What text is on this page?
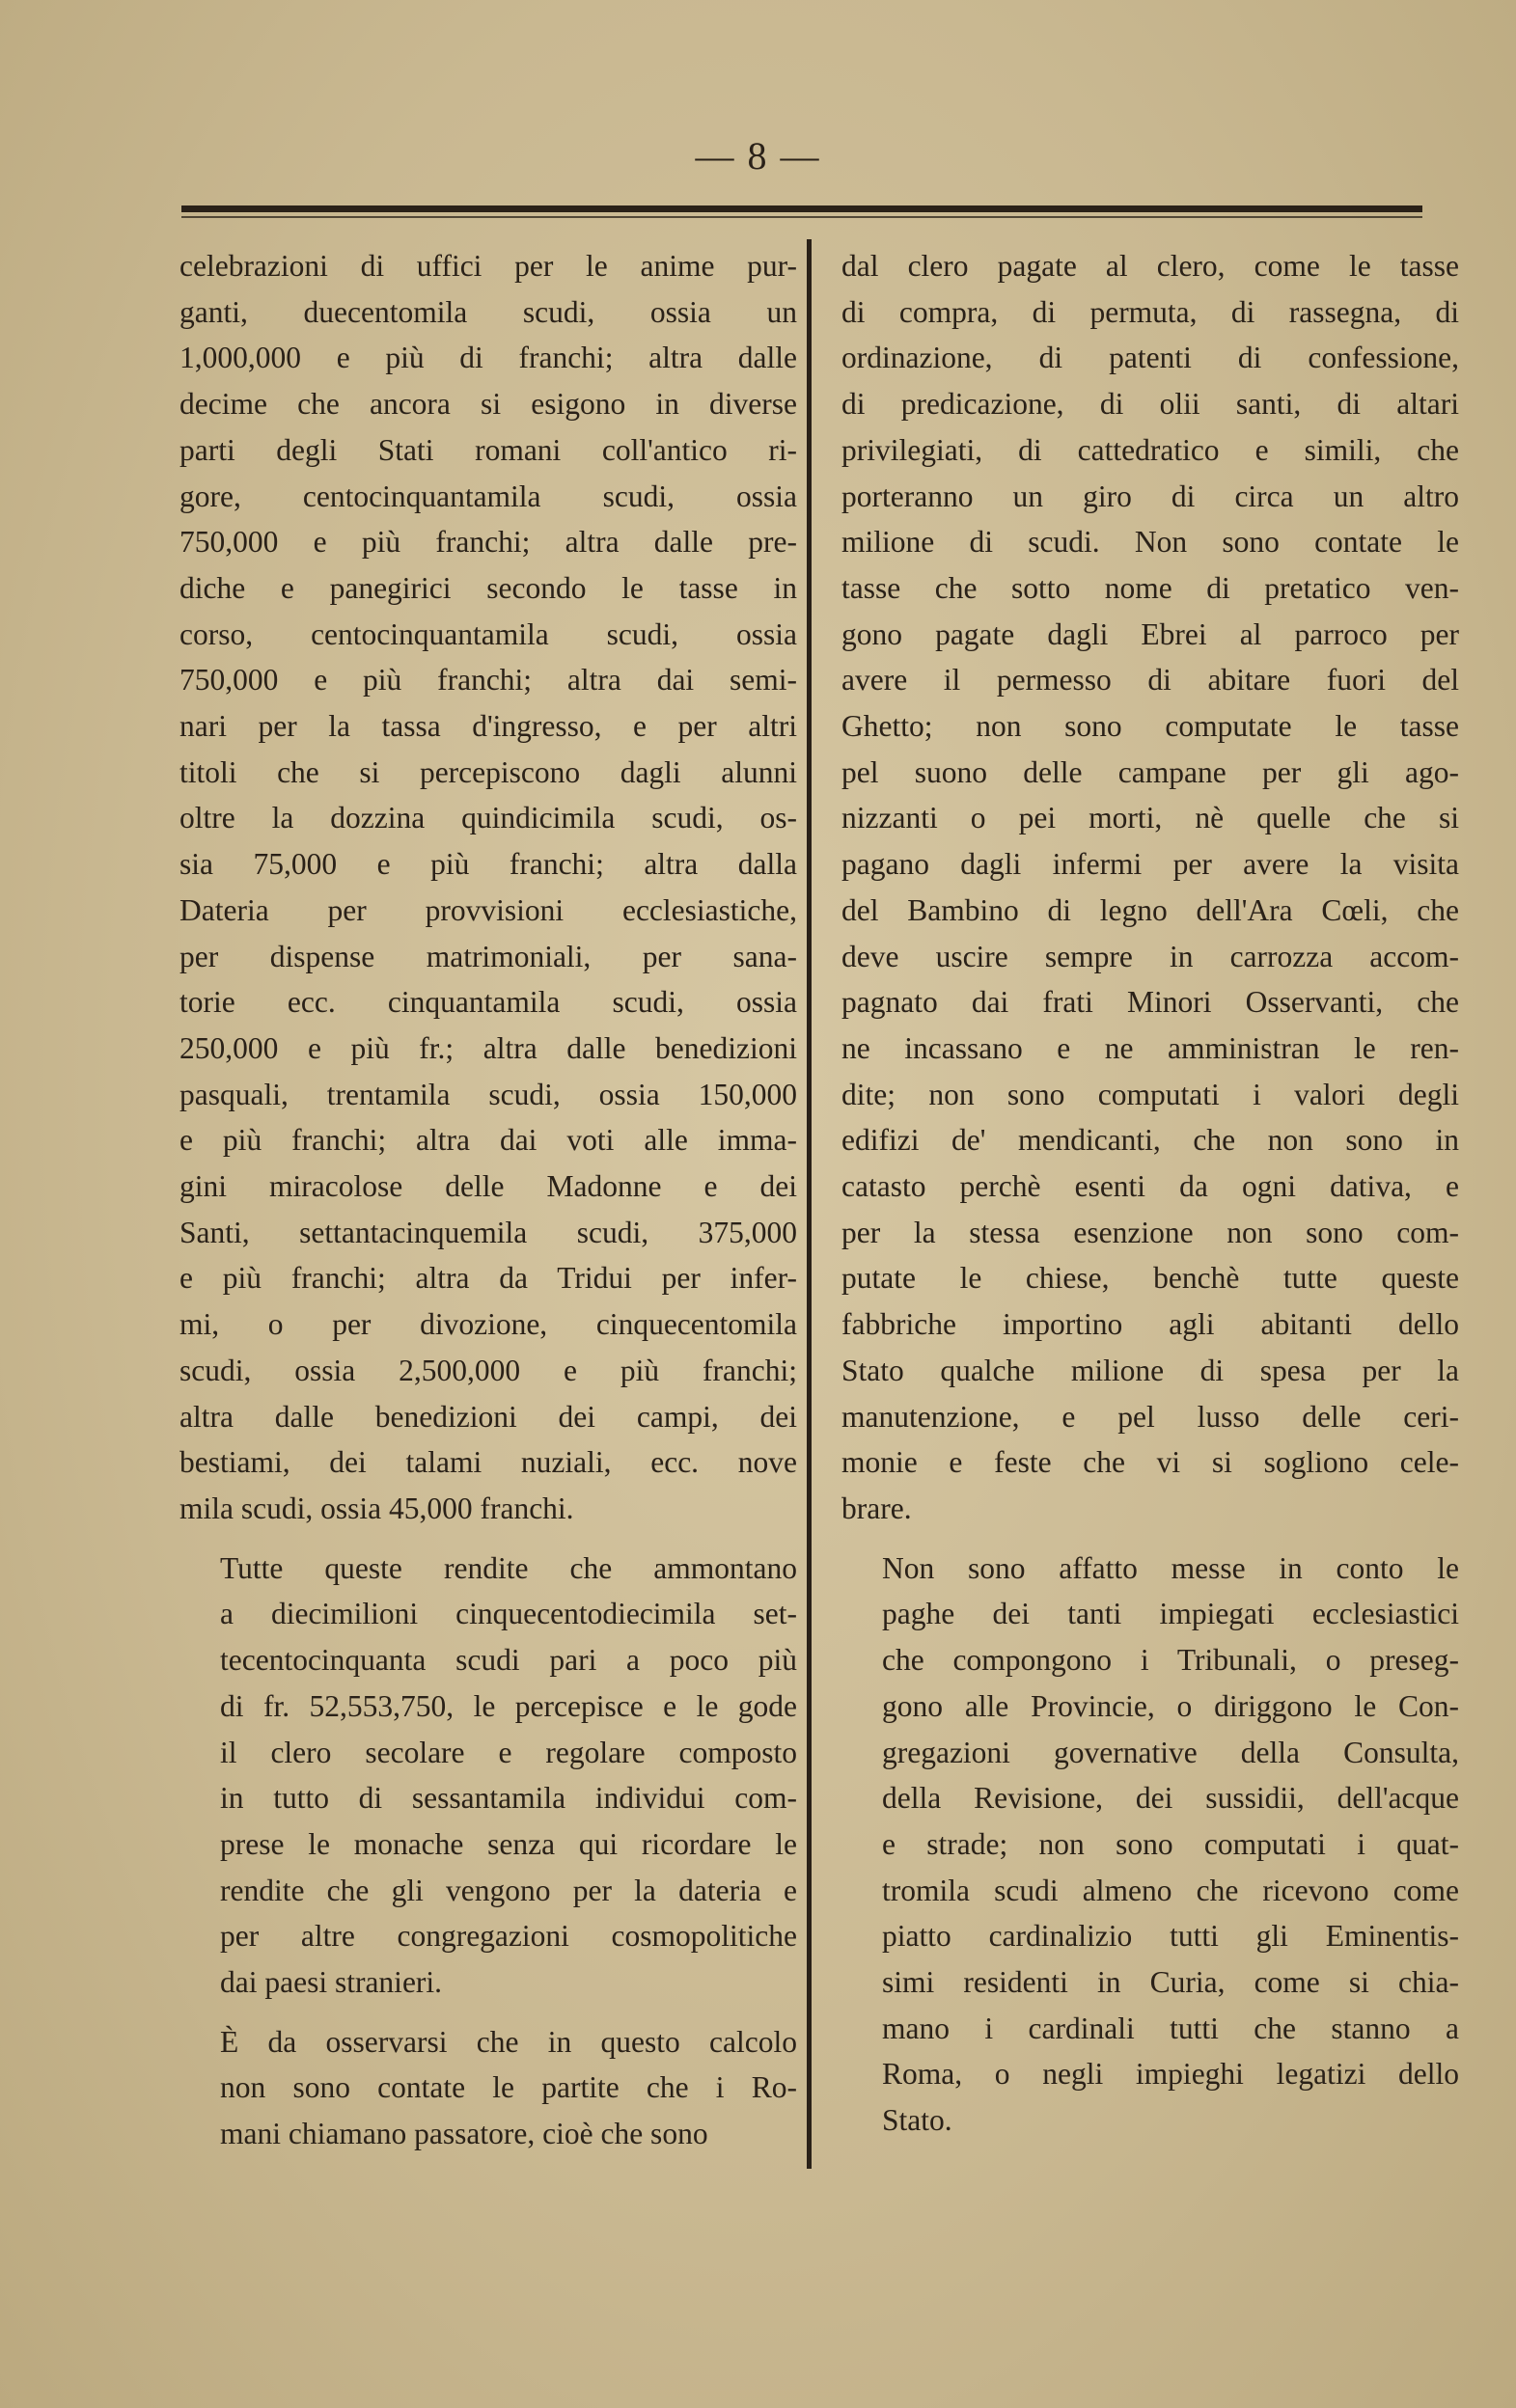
— 8 —

celebrazioni di uffici per le anime pur-
ganti, duecentomila scudi, ossia un
1,000,000 e più di franchi; altra dalle
decime che ancora si esigono in diverse
parti degli Stati romani coll'antico ri-
gore, centocinquantamila scudi, ossia
750,000 e più franchi; altra dalle pre-
diche e panegirici secondo le tasse in
corso, centocinquantamila scudi, ossia
750,000 e più franchi; altra dai semi-
nari per la tassa d'ingresso, e per altri
titoli che si percepiscono dagli alunni
oltre la dozzina quindicimila scudi, os-
sia 75,000 e più franchi; altra dalla
Dateria per provvisioni ecclesiastiche,
per dispense matrimoniali, per sana-
torie ecc. cinquantamila scudi, ossia
250,000 e più fr.; altra dalle benedizioni
pasquali, trentamila scudi, ossia 150,000
e più franchi; altra dai voti alle imma-
gini miracolose delle Madonne e dei
Santi, settantacinquemila scudi, 375,000
e più franchi; altra da Tridui per infer-
mi, o per divozione, cinquecentomila
scudi, ossia 2,500,000 e più franchi;
altra dalle benedizioni dei campi, dei
bestiami, dei talami nuziali, ecc. nove
mila scudi, ossia 45,000 franchi.

Tutte queste rendite che ammontano
a diecimilioni cinquecentodiecimila set-
tecentocinquanta scudi pari a poco più
di fr. 52,553,750, le percepisce e le gode
il clero secolare e regolare composto
in tutto di sessantamila individui com-
prese le monache senza qui ricordare le
rendite che gli vengono per la dateria e
per altre congregazioni cosmopolitiche
dai paesi stranieri.

È da osservarsi che in questo calcolo
non sono contate le partite che i Ro-
mani chiamano passatore, cioè che sono

dal clero pagate al clero, come le tasse
di compra, di permuta, di rassegna, di
ordinazione, di patenti di confessione,
di predicazione, di olii santi, di altari
privilegiati, di cattedratico e simili, che
porteranno un giro di circa un altro
milione di scudi. Non sono contate le
tasse che sotto nome di pretatico ven-
gono pagate dagli Ebrei al parroco per
avere il permesso di abitare fuori del
Ghetto; non sono computate le tasse
pel suono delle campane per gli ago-
nizzanti o pei morti, nè quelle che si
pagano dagli infermi per avere la visita
del Bambino di legno dell'Ara Cœli, che
deve uscire sempre in carrozza accom-
pagnato dai frati Minori Osservanti, che
ne incassano e ne amministran le ren-
dite; non sono computati i valori degli
edifizi de' mendicanti, che non sono in
catasto perchè esenti da ogni dativa, e
per la stessa esenzione non sono com-
putate le chiese, benchè tutte queste
fabbriche importino agli abitanti dello
Stato qualche milione di spesa per la
manutenzione, e pel lusso delle ceri-
monie e feste che vi si sogliono cele-
brare.

Non sono affatto messe in conto le
paghe dei tanti impiegati ecclesiastici
che compongono i Tribunali, o preseg-
gono alle Provincie, o diriggono le Con-
gregazioni governative della Consulta,
della Revisione, dei sussidii, dell'acque
e strade; non sono computati i quat-
tromila scudi almeno che ricevono come
piatto cardinalizio tutti gli Eminentis-
simi residenti in Curia, come si chia-
mano i cardinali tutti che stanno a
Roma, o negli impieghi legatizi dello
Stato.
